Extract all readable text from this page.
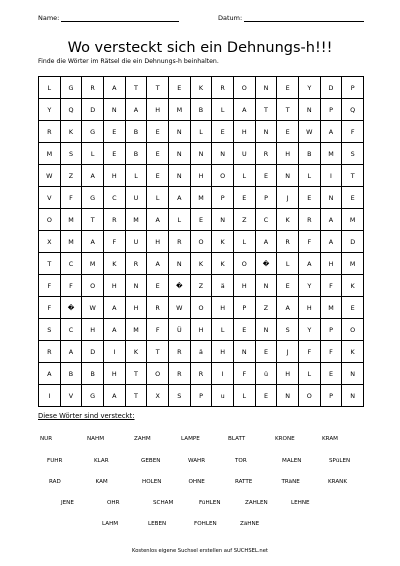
Name:	Datum:
Wo versteckt sich ein Dehnungs-h!!!
Finde die Wörter im Rätsel die ein Dehnungs-h beinhalten.
L	G	R	A	T	T	E	K	R	O	N	E	Y	D	P
Y	Q	D	N	A	H	M	B	L	A	T	T	N	P	Q
R	K	G	E	B	E	N	L	E	H	N	E	W	A	F
M	S	L	E	B	E	N	N	N	U	R	H	B	M	S
W	Z	A	H	L	E	N	H	O	L	E	N	L	I	T
V	F	G	C	U	L	A	M	P	E	P	J	E	N	E
O	M	T	R	M	A	L	E	N	Z	C	K	R	A	M
X	M	A	F	U	H	R	O	K	L	A	R	F	A	D
T	C	M	K	R	A	N	K	K	O	�	L	A	H	M
F	F	O	H	N	E	�	Z	ä	H	N	E	Y	F	K
F	�	W	A	H	R	W	O	H	P	Z	A	H	M	E
S	C	H	A	M	F	Ü	H	L	E	N	S	Y	P	O
R	A	D	I	K	T	R	ä	H	N	E	J	F	F	K
A	B	B	H	T	O	R	R	I	F	ü	H	L	E	N
I	V	G	A	T	X	S	P	u	L	E	N	O	P	N
Diese Wörter sind versteckt:
NUR	NAHM	ZAHM	LAMPE	BLATT	KRONE	KRAM
FUHR	KLAR	GEBEN	WAHR	TOR	MALEN	SPüLEN
RAD	KAM	HOLEN	OHNE	RATTE	TRäNE	KRANK
JENE	OHR	SCHAM	FüHLEN	ZAHLEN	LEHNE
LAHM	LEBEN	FOHLEN	ZäHNE
Kostenlos eigene Suchsel erstellen auf SUCHSEL.net
